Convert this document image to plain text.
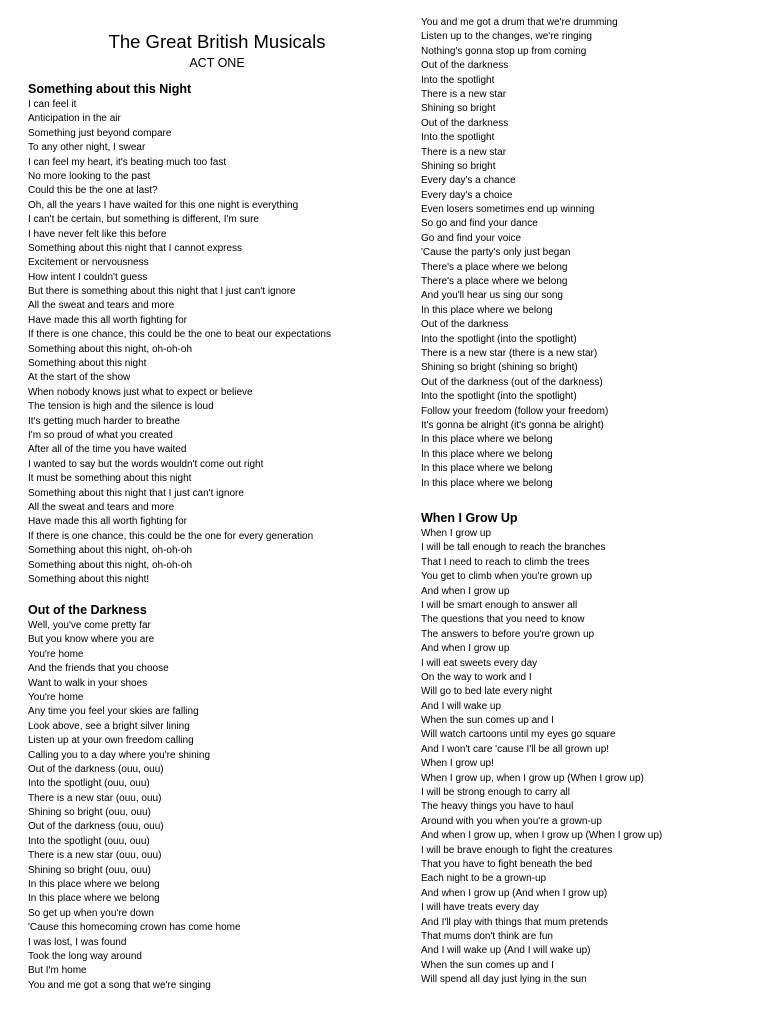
The Great British Musicals
ACT ONE
Something about this Night
I can feel it
Anticipation in the air
Something just beyond compare
To any other night, I swear
I can feel my heart, it's beating much too fast
No more looking to the past
Could this be the one at last?
Oh, all the years I have waited for this one night is everything
I can't be certain, but something is different, I'm sure
I have never felt like this before
Something about this night that I cannot express
Excitement or nervousness
How intent I couldn't guess
But there is something about this night that I just can't ignore
All the sweat and tears and more
Have made this all worth fighting for
If there is one chance, this could be the one to beat our expectations
Something about this night, oh-oh-oh
Something about this night
At the start of the show
When nobody knows just what to expect or believe
The tension is high and the silence is loud
It's getting much harder to breathe
I'm so proud of what you created
After all of the time you have waited
I wanted to say but the words wouldn't come out right
It must be something about this night
Something about this night that I just can't ignore
All the sweat and tears and more
Have made this all worth fighting for
If there is one chance, this could be the one for every generation
Something about this night, oh-oh-oh
Something about this night, oh-oh-oh
Something about this night!
Out of the Darkness
Well, you've come pretty far
But you know where you are
You're home
And the friends that you choose
Want to walk in your shoes
You're home
Any time you feel your skies are falling
Look above, see a bright silver lining
Listen up at your own freedom calling
Calling you to a day where you're shining
Out of the darkness (ouu, ouu)
Into the spotlight (ouu, ouu)
There is a new star (ouu, ouu)
Shining so bright (ouu, ouu)
Out of the darkness (ouu, ouu)
Into the spotlight (ouu, ouu)
There is a new star (ouu, ouu)
Shining so bright (ouu, ouu)
In this place where we belong
In this place where we belong
So get up when you're down
'Cause this homecoming crown has come home
I was lost, I was found
Took the long way around
But I'm home
You and me got a song that we're singing
You and me got a drum that we're drumming
Listen up to the changes, we're ringing
Nothing's gonna stop up from coming
Out of the darkness
Into the spotlight
There is a new star
Shining so bright
Out of the darkness
Into the spotlight
There is a new star
Shining so bright
Every day's a chance
Every day's a choice
Even losers sometimes end up winning
So go and find your dance
Go and find your voice
'Cause the party's only just began
There's a place where we belong
There's a place where we belong
And you'll hear us sing our song
In this place where we belong
Out of the darkness
Into the spotlight (into the spotlight)
There is a new star (there is a new star)
Shining so bright (shining so bright)
Out of the darkness (out of the darkness)
Into the spotlight (into the spotlight)
Follow your freedom (follow your freedom)
It's gonna be alright (it's gonna be alright)
In this place where we belong
In this place where we belong
In this place where we belong
In this place where we belong
When I Grow Up
When I grow up
I will be tall enough to reach the branches
That I need to reach to climb the trees
You get to climb when you're grown up
And when I grow up
I will be smart enough to answer all
The questions that you need to know
The answers to before you're grown up
And when I grow up
I will eat sweets every day
On the way to work and I
Will go to bed late every night
And I will wake up
When the sun comes up and I
Will watch cartoons until my eyes go square
And I won't care 'cause I'll be all grown up!
When I grow up!
When I grow up, when I grow up (When I grow up)
I will be strong enough to carry all
The heavy things you have to haul
Around with you when you're a grown-up
And when I grow up, when I grow up (When I grow up)
I will be brave enough to fight the creatures
That you have to fight beneath the bed
Each night to be a grown-up
And when I grow up (And when I grow up)
I will have treats every day
And I'll play with things that mum pretends
That mums don't think are fun
And I will wake up (And I will wake up)
When the sun comes up and I
Will spend all day just lying in the sun
